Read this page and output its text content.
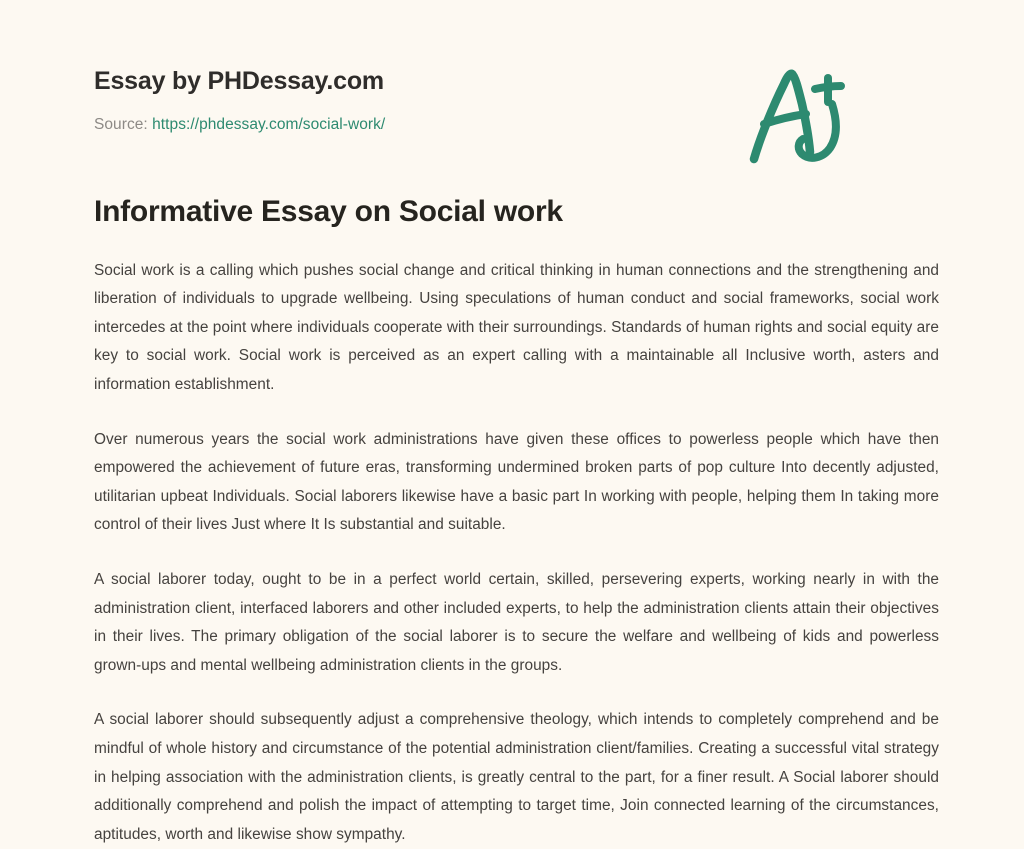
Essay by PHDessay.com
Source: https://phdessay.com/social-work/
Informative Essay on Social work

Social work is a calling which pushes social change and critical thinking in human connections and the strengthening and liberation of individuals to upgrade wellbeing. Using speculations of human conduct and social frameworks, social work intercedes at the point where individuals cooperate with their surroundings. Standards of human rights and social equity are key to social work. Social work is perceived as an expert calling with a maintainable all Inclusive worth, asters and information establishment.

Over numerous years the social work administrations have given these offices to powerless people which have then empowered the achievement of future eras, transforming undermined broken parts of pop culture Into decently adjusted, utilitarian upbeat Individuals. Social laborers likewise have a basic part In working with people, helping them In taking more control of their lives Just where It Is substantial and suitable.

A social laborer today, ought to be in a perfect world certain, skilled, persevering experts, working nearly in with the administration client, interfaced laborers and other included experts, to help the administration clients attain their objectives in their lives. The primary obligation of the social laborer is to secure the welfare and wellbeing of kids and powerless grown-ups and mental wellbeing administration clients in the groups.

A social laborer should subsequently adjust a comprehensive theology, which intends to completely comprehend and be mindful of whole history and circumstance of the potential administration client/families. Creating a successful vital strategy in helping association with the administration clients, is greatly central to the part, for a finer result. A Social laborer should additionally comprehend and polish the impact of attempting to target time, Join connected learning of the circumstances, aptitudes, worth and likewise show sympathy.
